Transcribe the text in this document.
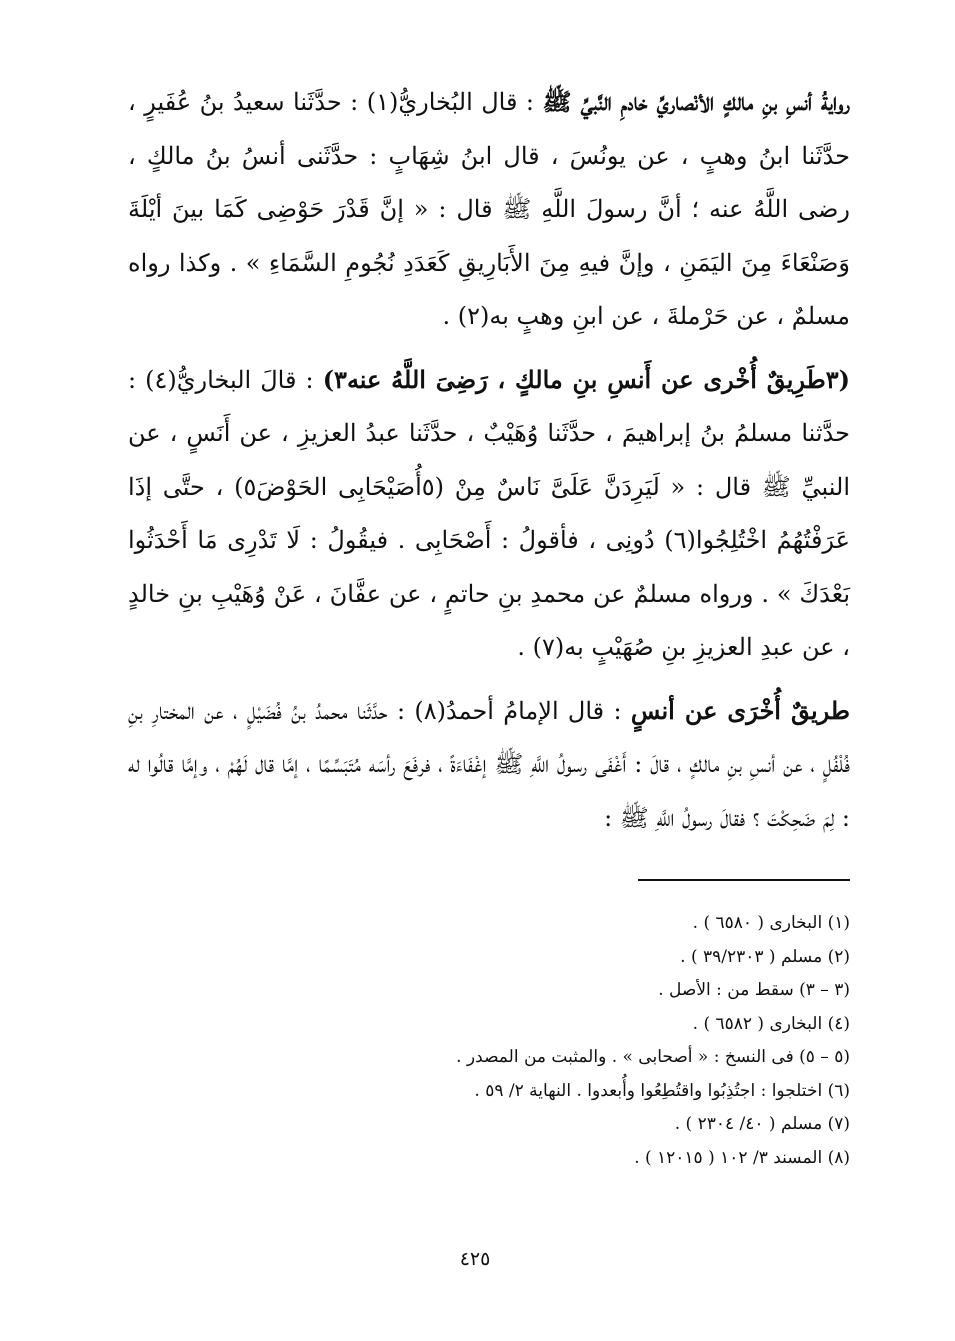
روايةُ أنسِ بنِ مالكٍ الأنْصاريِّ خادمِ النَّبيِّ ﷺ : قال البُخاريُّ(١) : حدَّثَنا سعيدُ بنُ عُفَيرٍ ، حدَّثَنا ابنُ وهبٍ ، عن يونُسَ ، قال ابنُ شِهَابٍ : حدَّثَنى أنسُ بنُ مالكٍ ، رضى اللَّهُ عنه ؛ أنَّ رسولَ اللَّهِ ﷺ قال : « إنَّ قَدْرَ حَوْضِى كَمَا بينَ أيْلَةَ وَصَنْعَاءَ مِنَ اليَمَنِ ، وإنَّ فيهِ مِنَ الأَبَارِيقِ كَعَدَدِ نُجُومِ السَّمَاءِ » . وكذا رواه مسلمٌ ، عن حَرْملةَ ، عن ابنِ وهبٍ به(٢) .

(٣طَرِيقٌ أُخْرى عن أَنسِ بنِ مالكٍ ، رَضِىَ اللَّهُ عنه٣) : قالَ البخاريُّ(٤) : حدَّثنا مسلمُ بنُ إبراهيمَ ، حدَّثَنا وُهَيْبٌ ، حدَّثَنا عبدُ العزيزِ ، عن أَنَسٍ ، عن النبيِّ ﷺ قال : « لَيَرِدَنَّ عَلَىَّ نَاسٌ مِنْ (٥أُصَيْحَابِى الحَوْضَ٥) ، حتَّى إذَا عَرَفْتُهُمُ اخْتُلِجُوا(٦) دُونِى ، فأقولُ : أَصْحَابِى . فيقُولُ : لَا تَدْرِى مَا أَحْدَثُوا بَعْدَكَ » . ورواه مسلمٌ عن محمدِ بنِ حاتمٍ ، عن عفَّانَ ، عَنْ وُهَيْبِ بنِ خالدٍ ، عن عبدِ العزيزِ بنِ صُهَيْبٍ به(٧) .

طريقٌ أُخْرَى عن أنسٍ : قال الإمامُ أحمدُ(٨) : حدَّثَنا محمدُ بنُ فُضَيْلٍ ، عن المختارِ بنِ فُلْفُلٍ ، عن أنسِ بنِ مالكٍ ، قالَ : أَغْفَى رسولُ اللَّهِ ﷺ إغْفَاءَةً ، فرفَعَ رأسَه مُتَبَسِّمًا ، إمَّا قال لَهُمْ ، وإمَّا قالُوا له : لِمَ ضَحِكْتَ ؟ فقالَ رسولُ اللَّهِ ﷺ :

(١) البخارى ( ٦٥٨٠ ) .
(٢) مسلم ( ٣٩/٢٣٠٣ ) .
(٣ – ٣) سقط من : الأصل .
(٤) البخارى ( ٦٥٨٢ ) .
(٥ – ٥) فى النسخ : « أصحابى » . والمثبت من المصدر .
(٦) اختلجوا : اجتُذِبُوا واقتُطِعُوا وأُبعدوا . النهاية ٢/ ٥٩ .
(٧) مسلم ( ٤٠/ ٢٣٠٤ ) .
(٨) المسند ٣/ ١٠٢ ( ١٢٠١٥ ) .
٤٢٥
